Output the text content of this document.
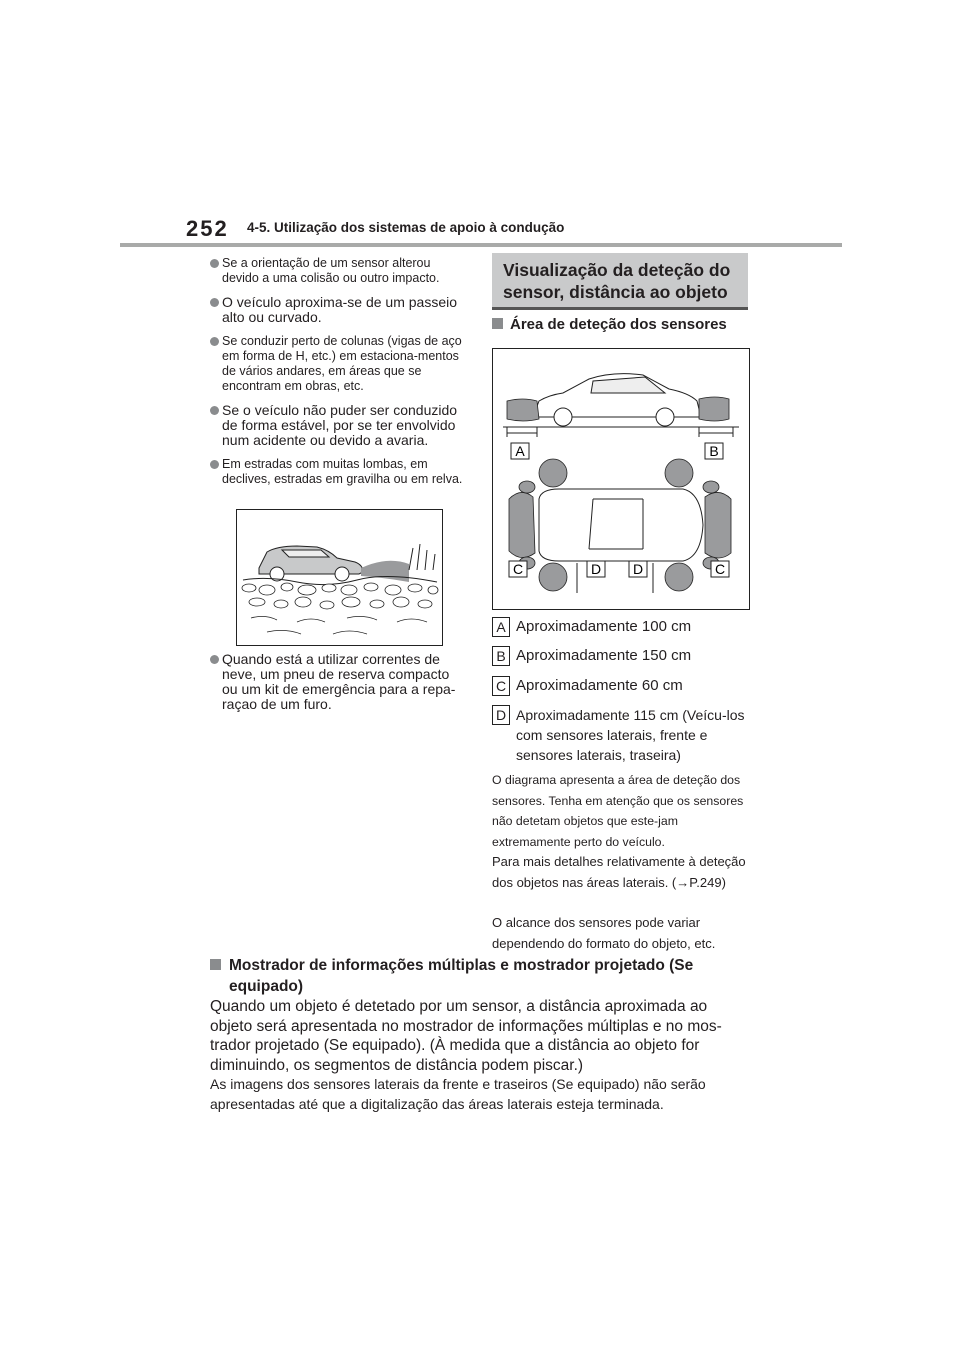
252 4-5. Utilização dos sistemas de apoio à condução
Se a orientação de um sensor alterou devido a uma colisão ou outro impacto.
O veículo aproxima-se de um passeio alto ou curvado.
Se conduzir perto de colunas (vigas de aço em forma de H, etc.) em estaciona-mentos de vários andares, em áreas que se encontram em obras, etc.
Se o veículo não puder ser conduzido de forma estável, por se ter envolvido num acidente ou devido a avaria.
Em estradas com muitas lombas, em declives, estradas em gravilha ou em relva.
Quando está a utilizar correntes de neve, um pneu de reserva compacto ou um kit de emergência para a repa-raçao de um furo.
Visualização da deteção do sensor, distância ao objeto
Área de deteção dos sensores
A	B
C	D D	C
A Aproximadamente 100 cm
B Aproximadamente 150 cm
C Aproximadamente 60 cm
D Aproximadamente 115 cm (Veícu-los com sensores laterais, frente e sensores laterais, traseira)
O diagrama apresenta a área de deteção dos sensores. Tenha em atenção que os sensores não detetam objetos que este-jam extremamente perto do veículo.
Para mais detalhes relativamente à deteção dos objetos nas áreas laterais. (→P.249)
O alcance dos sensores pode variar dependendo do formato do objeto, etc.
Mostrador de informações múltiplas e mostrador projetado (Se
equipado)
Quando um objeto é detetado por um sensor, a distância aproximada ao objeto será apresentada no mostrador de informações múltiplas e no mos-trador projetado (Se equipado). (À medida que a distância ao objeto for diminuindo, os segmentos de distância podem piscar.)
As imagens dos sensores laterais da frente e traseiros (Se equipado) não serão apresentadas até que a digitalização das áreas laterais esteja terminada.
